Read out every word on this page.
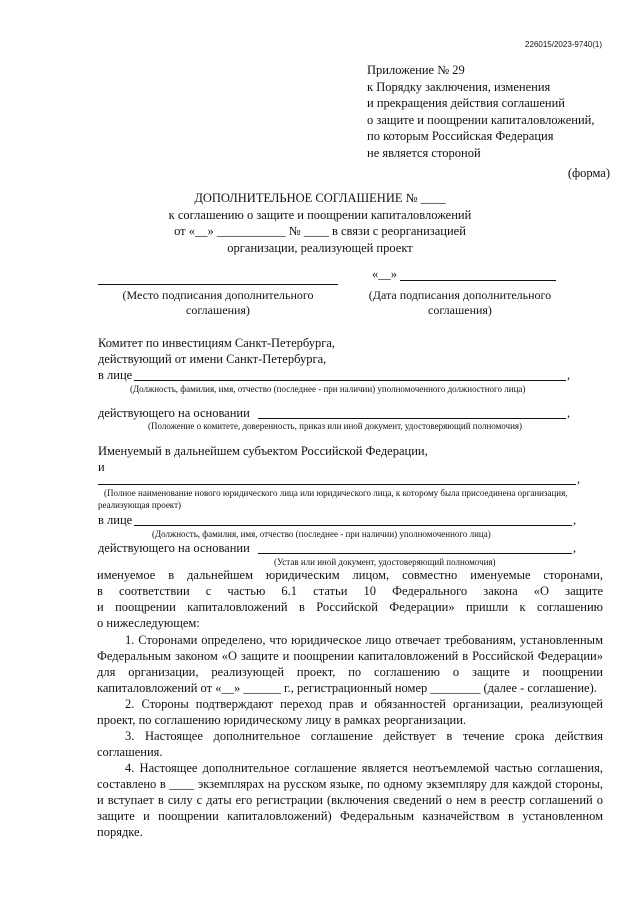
226015/2023-9740(1)
Приложение № 29
к Порядку заключения, изменения
и прекращения действия соглашений
о защите и поощрении капиталовложений,
по которым Российская Федерация
не является стороной
(форма)
ДОПОЛНИТЕЛЬНОЕ СОГЛАШЕНИЕ № ____
к соглашению о защите и поощрении капиталовложений
от «__» ___________ № ____ в связи с реорганизацией
организации, реализующей проект
«__»
(Место подписания дополнительного
соглашения)
(Дата подписания дополнительного
соглашения)
Комитет по инвестициям Санкт-Петербурга,
действующий от имени Санкт-Петербурга,
в лице	,
(Должность, фамилия, имя, отчество (последнее - при наличии) уполномоченного должностного лица)
действующего на основании	,
(Положение о комитете, доверенность, приказ или иной документ, удостоверяющий полномочия)
Именуемый в дальнейшем субъектом Российской Федерации,
и
,
(Полное наименование нового юридического лица или юридического лица, к которому была присоединена организация, реализующая проект)
в лице	,
(Должность, фамилия, имя, отчество (последнее - при наличии) уполномоченного лица)
действующего на основании	,
(Устав или иной документ, удостоверяющий полномочия)
именуемое в дальнейшем юридическим лицом, совместно именуемые сторонами,
в соответствии с частью 6.1 статьи 10 Федерального закона «О защите
и поощрении капиталовложений в Российской Федерации» пришли к соглашению
о нижеследующем:

1. Сторонами определено, что юридическое лицо отвечает требованиям, установленным Федеральным законом «О защите и поощрении капиталовложений в Российской Федерации» для организации, реализующей проект, по соглашению о защите и поощрении капиталовложений от «__» ______ г., регистрационный номер ________ (далее - соглашение).

2. Стороны подтверждают переход прав и обязанностей организации, реализующей проект, по соглашению юридическому лицу в рамках реорганизации.

3. Настоящее дополнительное соглашение действует в течение срока действия соглашения.

4. Настоящее дополнительное соглашение является неотъемлемой частью соглашения, составлено в ____ экземплярах на русском языке, по одному экземпляру для каждой стороны, и вступает в силу с даты его регистрации (включения сведений о нем в реестр соглашений о защите и поощрении капиталовложений) Федеральным казначейством в установленном порядке.
